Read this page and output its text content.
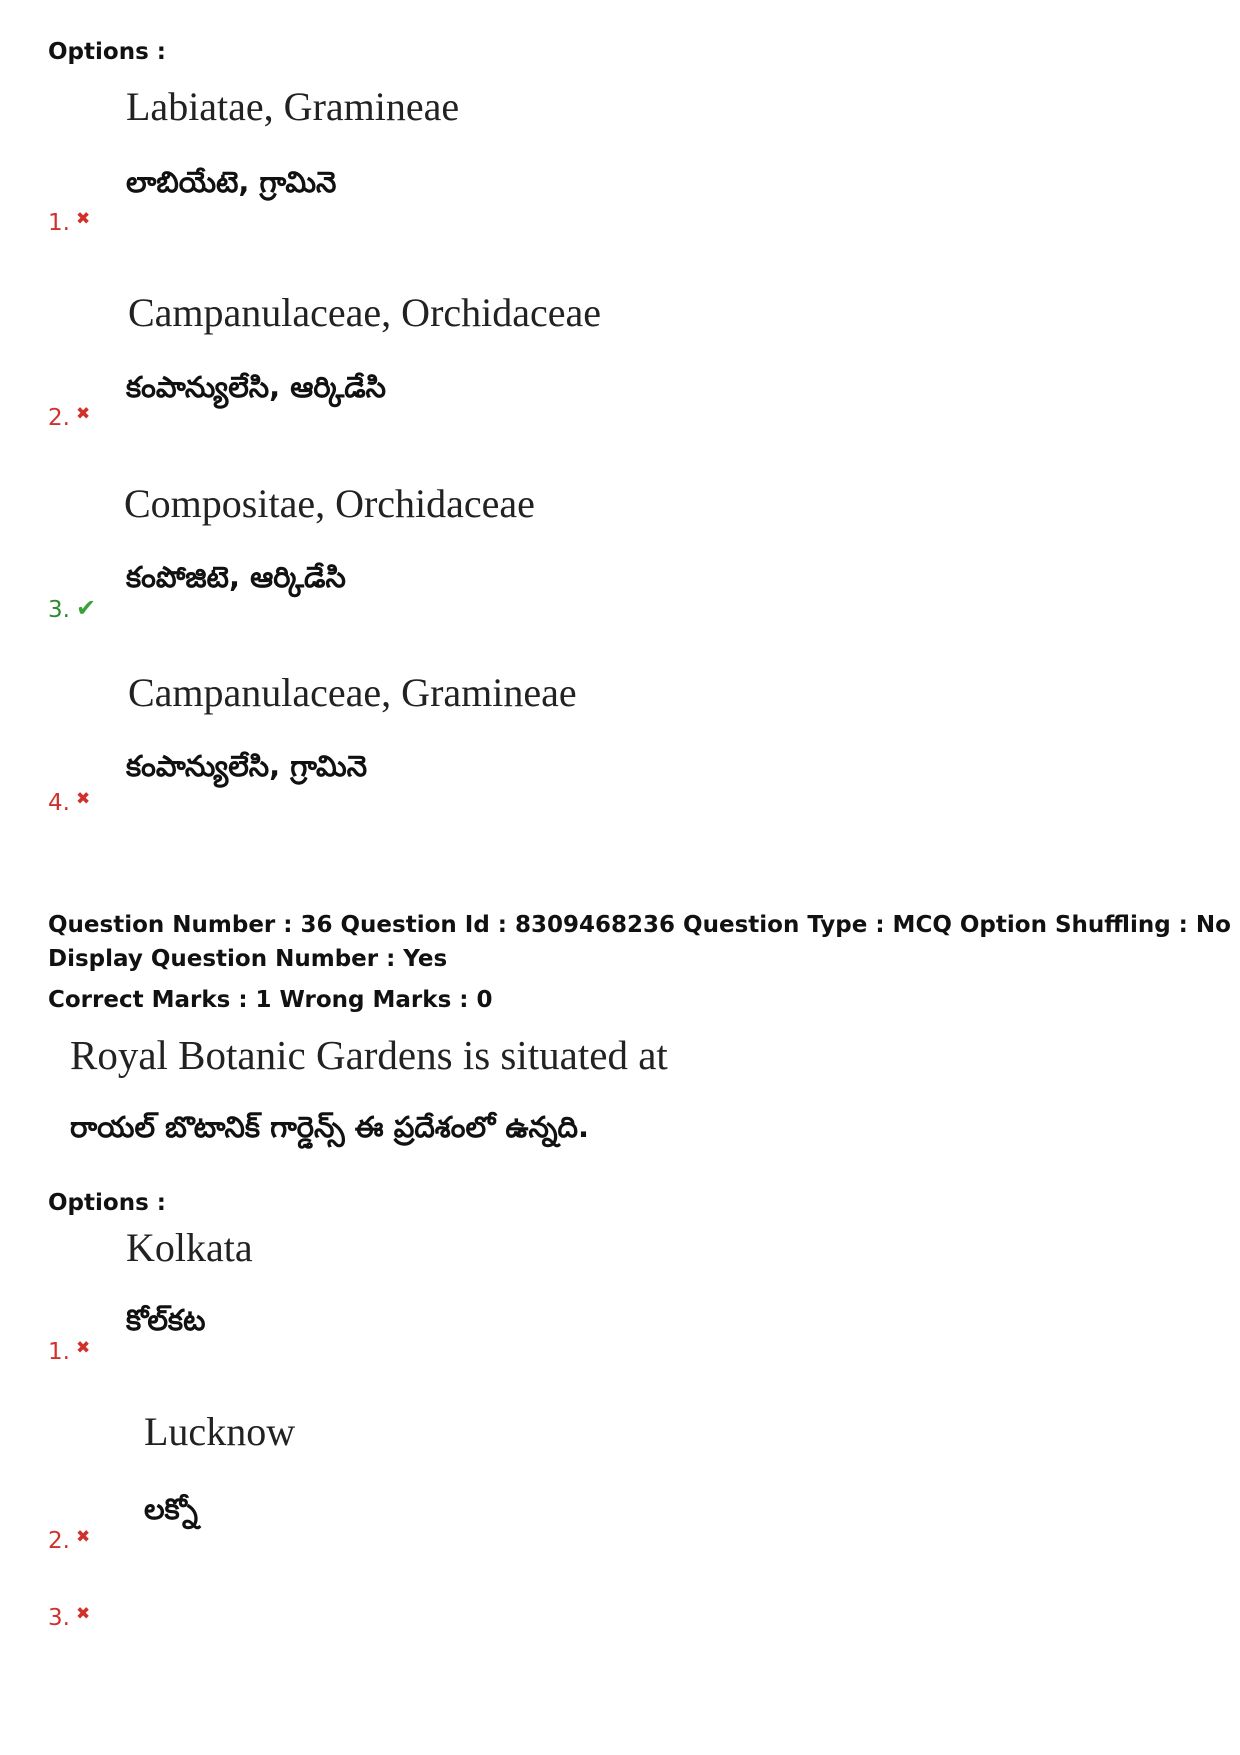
Options :
Labiatae, Gramineae
లాబియేటె, గ్రామినె
1. ✖
Campanulaceae, Orchidaceae
కంపాన్యులేసి, ఆర్కిడేసి
2. ✖
Compositae, Orchidaceae
కంపోజిటె, ఆర్కిడేసి
3. ✔
Campanulaceae, Gramineae
కంపాన్యులేసి, గ్రామినె
4. ✖
Question Number : 36 Question Id : 8309468236 Question Type : MCQ Option Shuffling : No
Display Question Number : Yes
Correct Marks : 1 Wrong Marks : 0
Royal Botanic Gardens is situated at
రాయల్ బొటానిక్ గార్డెన్స్ ఈ ప్రదేశంలో ఉన్నది.
Options :
Kolkata
కోల్‌కట
1. ✖
Lucknow
లక్నో
2. ✖
3. ✖
